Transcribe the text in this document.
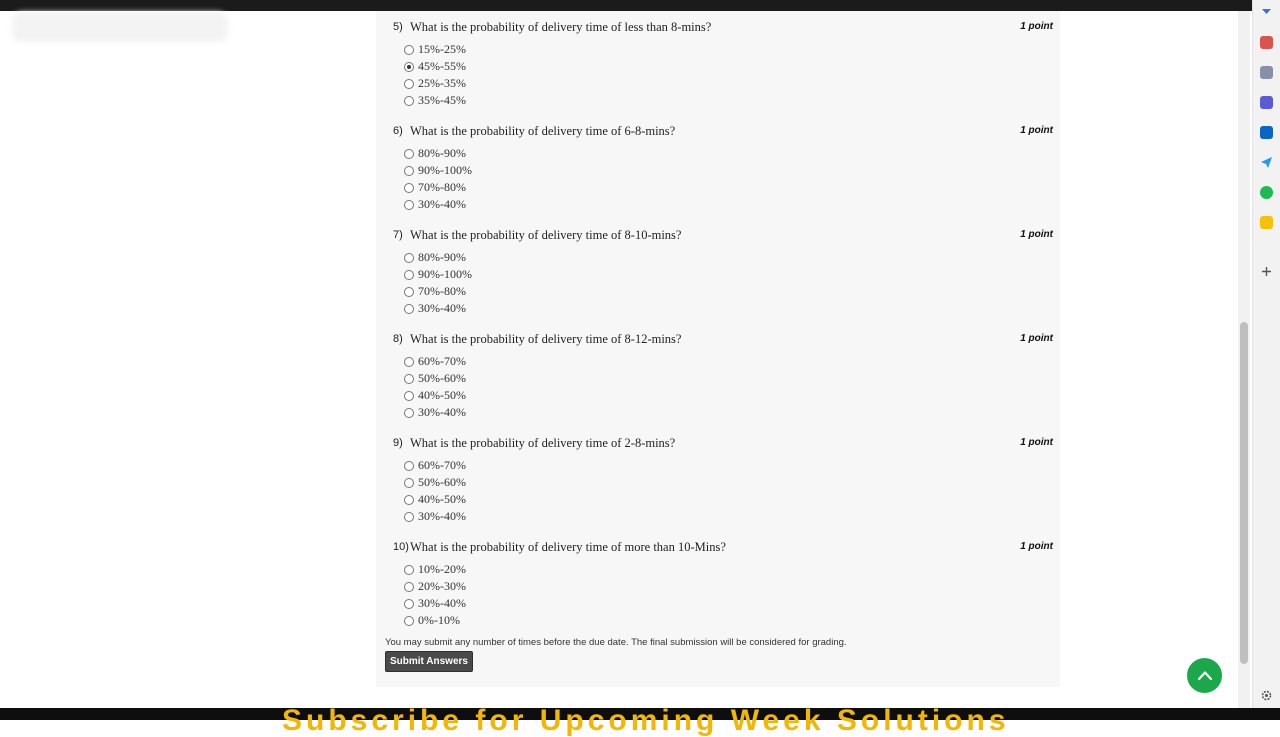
5) What is the probability of delivery time of less than 8-mins?	1 point
15%-25%
45%-55%
25%-35%
35%-45%
6) What is the probability of delivery time of 6-8-mins?	1 point
80%-90%
90%-100%
70%-80%
30%-40%
7) What is the probability of delivery time of 8-10-mins?	1 point
80%-90%
90%-100%
70%-80%
30%-40%
8) What is the probability of delivery time of 8-12-mins?	1 point
60%-70%
50%-60%
40%-50%
30%-40%
9) What is the probability of delivery time of 2-8-mins?	1 point
60%-70%
50%-60%
40%-50%
30%-40%
10) What is the probability of delivery time of more than 10-Mins?	1 point
10%-20%
20%-30%
30%-40%
0%-10%
You may submit any number of times before the due date. The final submission will be considered for grading.
Submit Answers
Subscribe for Upcoming Week Solutions
